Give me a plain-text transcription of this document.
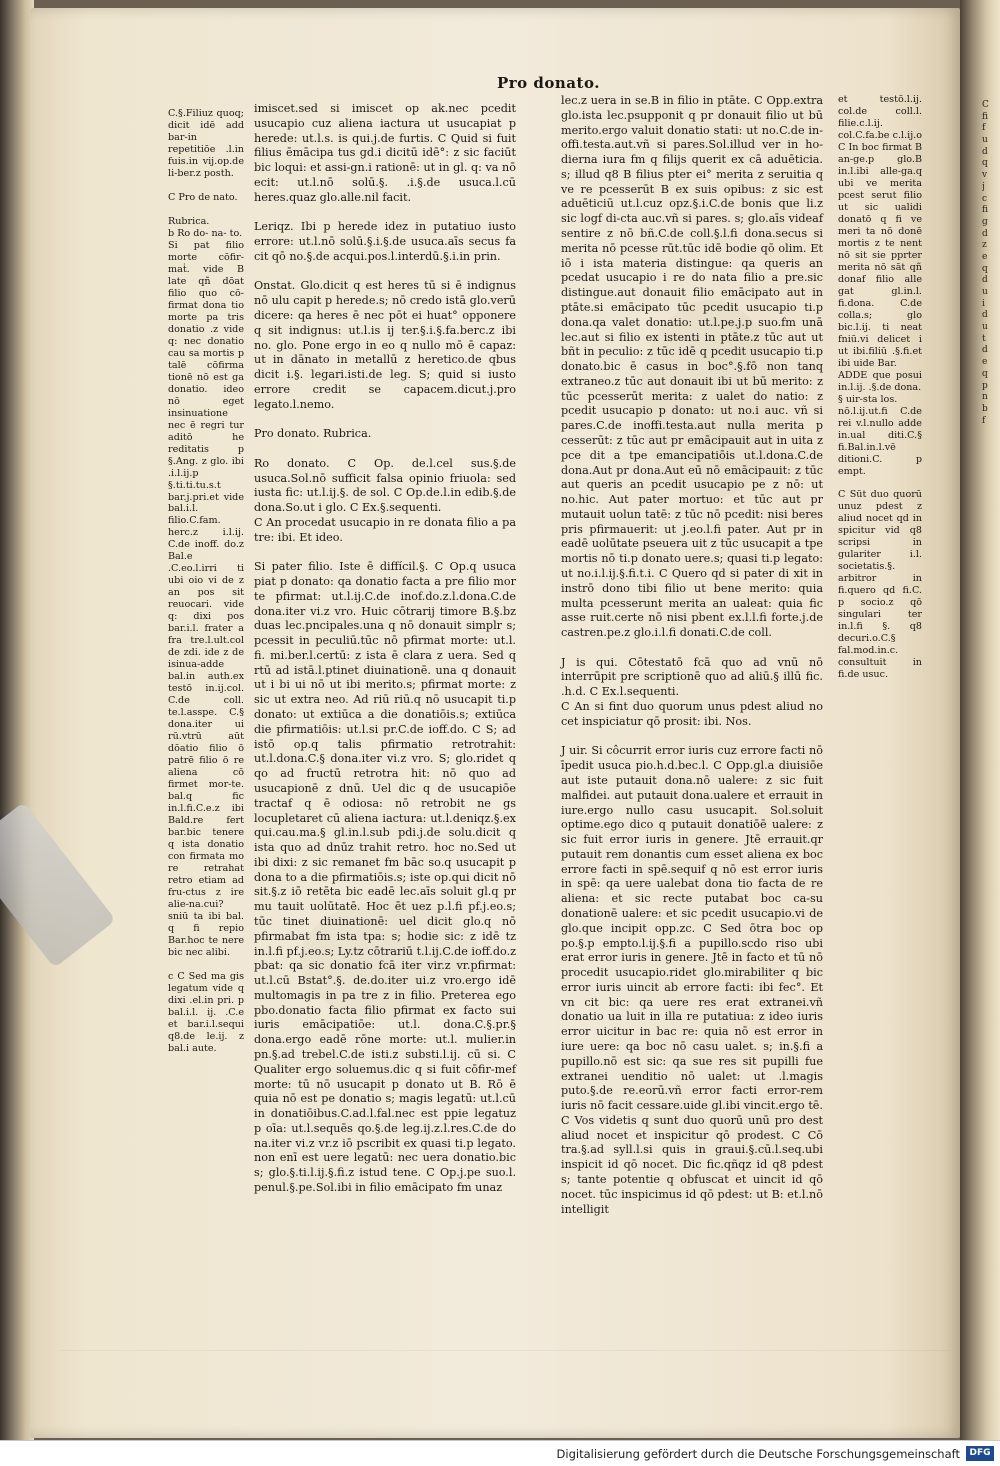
Pro donato.
C.§.Filiuz quoq; dicit idē add bar-in repetitiōe .l.in fuis.in vij.op.de li-ber.z posth.

C Pro de nato.

Rubrica.
b Ro do- na- to.
Si pat filio morte cōfir-maṫ. vide B late qñ dōat filio quo cō-firmat dona tio morte pa tris donatio .z vide q: nec donatio cau sa mortis p talē cōfirma tionē nō est ga donatio. ideo nō eget insinuatione nec ē regri tur aditō he reditatis p §.Ang. z glo. ibi .i.l.ij.p §.ti.ti.tu.s.t bar.j.pri.et vide bal.i.l. filio.C.fam. herc.z i.l.ij. C.de inoff. do.z Bal.e .C.eo.l.irri ti ubi oio vi de z an pos sit reuocari. vide q: dixi pos bar.i.l. frater a fra tre.l.ult.col de zdi. ide z de isinua-adde bal.in auth.ex testō in.ij.col. C.de coll. te.l.asspe. C.§ dona.iter ui rū.vtrū aūt dōatio filio ō patrē filio ō re aliena cō firmet mor-te. bal.q fic in.l.fi.C.e.z ibi Bald.re fert bar.bic tenere q ista donatio con firmata mo re retrahat retro etiam ad fru-ctus z ire alie-na.cui? sniū ta ibi bal. q fi repio Bar.hoc te nere bic nec alibi.

c C Sed ma gis legatum vide q dixi .el.in pri. p bal.i.l. ij. .C.e et bar.i.l.sequi q8.de le.ij. z bal.i aute.
imiscet.sed si imiscet op ak.nec pcedit usucapio cuz aliena iactura ut usucapiat p herede: ut.l.s. is qui.j.de furtis. C Quid si fuit filius ēmācipa tus gd.i dicitū idē°: z sic faciūt bic loqui: et assi-gn.i rationē: ut in gl. q: va nō ecit: ut.l.nō solū.§. .i.§.de usuca.l.cū heres.quaz glo.alle.nil facit.

Leriqz. Ibi p herede idez in putatiuo iusto errore: ut.l.nō solū.§.i.§.de usuca.aīs secus fa cit qō no.§.de acqui.pos.l.interdū.§.i.in prin.

Onstat. Glo.dicit q est heres tū si ē indignus nō ulu capit p herede.s; nō credo istā glo.verū dicere: qa heres ē nec pōt ei huat° opponere q sit indignus: ut.l.is ij ter.§.i.§.fa.berc.z ibi no. glo. Pone ergo in eo q nullo mō ē capaz: ut in dānato in metallū z heretico.de qbus dicit i.§. legari.isti.de leg. S; quid si iusto errore credit se capacem.dicut.j.pro legato.l.nemo.

Pro donato. Rubrica.

Ro donato. C Op. de.l.cel sus.§.de usuca.Sol.nō sufficit falsa opinio friuola: sed iusta fic: ut.l.ij.§. de sol. C Op.de.l.in edib.§.de dona.So.ut i glo. C Ex.§.sequenti.
C An procedat usucapio in re donata filio a pa tre: ibi. Et ideo.

Si pater filio. Iste ē diffícil.§. C Op.q usuca piat p donato: qa donatio facta a pre filio mor te pfirmat: ut.l.ij.C.de inof.do.z.l.dona.C.de dona.iter vi.z vro. Huic cōtrarij timore B.§.bz duas lec.pncipales.una q nō donauit simplr s; pcessit in peculiū.tūc nō pfirmat morte: ut.l. fi. mi.ber.l.certū: z ista ē clara z uera. Sed q rtū ad istā.l.ptinet diuinationē. una q donauit ut i bi ui nō ut ibi merito.s; pfirmat morte: z sic ut extra neo. Ad riū riū.q nō usucapit ti.p donato: ut extiūca a die donatiōis.s; extiūca die pfirmatiōis: ut.l.si pr.C.de ioff.do. C S; ad istō op.q talis pfirmatio retrotrahit: ut.l.dona.C.§ dona.iter vi.z vro. S; glo.ridet q qo ad fructū retrotra hit: nō quo ad usucapionē z dnū. Uel dic q de usucapiōe tractaf q ē odiosa: nō retrobit ne gs locupletaret cū aliena iactura: ut.l.deniqz.§.ex qui.cau.ma.§ gl.in.l.sub pdi.j.de solu.dicit q ista quo ad dnūz trahit retro. hoc no.Sed ut ibi dixi: z sic remanet fm bāc so.q usucapit p dona to a die pfirmatiōis.s; iste op.qui dicit nō sit.§.z iō retēta bic eadē lec.aīs soluit gl.q pr mu tauit uolūtatē. Hoc ēt uez p.l.fi pf.j.eo.s; tūc tinet diuinationē: uel dicit glo.q nō pfirmabat fm ista tpa: s; hodie sic: z idē tz in.l.fi pf.j.eo.s; Ly.tz cōtrariū t.l.ij.C.de ioff.do.z pbat: qa sic donatio fcā iter vir.z vr.pfirmat: ut.l.cū Bstat°.§. de.do.iter ui.z vro.ergo idē multomagis in pa tre z in filio. Preterea ego pbo.donatio facta filio pfirmat ex facto sui iuris emācipatiōe: ut.l. dona.C.§.pr.§ dona.ergo eadē rōne morte: ut.l. mulier.in pn.§.ad trebel.C.de isti.z substi.l.ij. cū si. C Qualiter ergo soluemus.dic q si fuit cōfir-mef morte: tū nō usucapit p donato ut B. Rō ē quia nō est pe donatio s; magis legatū: ut.l.cū in donatiōibus.C.ad.l.fal.nec est ppie legatuz p oīa: ut.l.sequēs qo.§.de leg.ij.z.l.res.C.de do na.iter vi.z vr.z iō pscribit ex quasi ti.p legato. non enī est uere legatū: nec uera donatio.bic s; glo.§.ti.l.ij.§.fi.z istud tene. C Op.j.pe suo.l. penul.§.pe.Sol.ibi in filio emācipato fm unaz
lec.z uera in se.B in filio in ptāte. C Opp.extra glo.ista lec.psupponit q pr donauit filio ut bū merito.ergo valuit donatio stati: ut no.C.de in-offi.testa.aut.vñ si pares.Sol.illud ver in ho-dierna iura fm q filijs querit ex cā aduēticia. s; illud q8 B filius pter ei° merita z seruitia q ve re pcesserūt B ex suis opibus: z sic est aduēticiū ut.l.cuz opz.§.i.C.de bonis que li.z sic logf di-cta auc.vñ si pares. s; glo.aīs videaf sentire z nō bñ.C.de coll.§.l.fi dona.secus si merita nō pcesse rūt.tūc idē bodie qō olim. Et iō i ista materia distingue: qa queris an pcedat usucapio i re do nata filio a pre.sic distingue.aut donauit filio emācipato aut in ptāte.si emācipato tūc pcedit usucapio ti.p dona.qa valet donatio: ut.l.pe.j.p suo.fm unā lec.aut si filio ex istenti in ptāte.z tūc aut ut bñt in peculio: z tūc idē q pcedit usucapio ti.p donato.bic ē casus in boc°.§.fō non tanq extraneo.z tūc aut donauit ibi ut bū merito: z tūc pcesserūt merita: z ualet do natio: z pcedit usucapio p donato: ut no.i auc. vñ si pares.C.de inoffi.testa.aut nulla merita p cesserūt: z tūc aut pr emācipauit aut in uita z pce dit a tpe emancipatiōis ut.l.dona.C.de dona.Aut pr dona.Aut eū nō emācipauit: z tūc aut queris an pcedit usucapio pe z nō: ut no.hic. Aut pater mortuo: et tūc aut pr mutauit uolun tatē: z tūc nō pcedit: nisi beres pris pfirmauerit: ut j.eo.l.fi pater. Aut pr in eadē uolūtate pseuera uit z tūc usucapit a tpe mortis nō ti.p donato uere.s; quasi ti.p legato: ut no.i.l.ij.§.fi.t.i. C Quero qd si pater di xit in instrō dono tibi filio ut bene merito: quia multa pcesserunt merita an ualeat: quia fic asse ruit.certe nō nisi pbent ex.l.l.fi forte.j.de castren.pe.z glo.i.l.fi donati.C.de coll.

J is qui. Cōtestatō fcā quo ad vnū nō interrūpit pre scriptionē quo ad aliū.§ illū fic. .h.d. C Ex.l.sequenti.
C An si fint duo quorum unus pdest aliud no cet inspiciatur qō prosit: ibi. Nos.

J uir. Si côcurrit error iuris cuz errore facti nō īpedit usuca pio.h.d.bec.l. C Opp.gl.a diuisiōe aut iste putauit dona.nō ualere: z sic fuit malfidei. aut putauit dona.ualere et errauit in iure.ergo nullo casu usucapit. Sol.soluit optime.ego dico q putauit donatiōē ualere: z sic fuit error iuris in genere. Jtē errauit.qr putauit rem donantis cum esset aliena ex boc errore facti in spē.sequif q nō est error iuris in spē: qa uere ualebat dona tio facta de re aliena: et sic recte putabat boc ca-su donationē ualere: et sic pcedit usucapio.vi de glo.que incipit opp.zc. C Sed ōtra boc op po.§.p empto.l.ij.§.fi a pupillo.scdo riso ubi erat error iuris in genere. Jtē in facto et tū nō procedit usucapio.ridet glo.mirabiliter q bic error iuris uincit ab errore facti: ibi fec°. Et vn cit bic: qa uere res erat extranei.vñ donatio ua luit in illa re putatiua: z ideo iuris error uicitur in bac re: quia nō est error in iure uere: qa boc nō casu ualet. s; in.§.fi a pupillo.nō est sic: qa sue res sit pupilli fue extranei uenditio nō ualet: ut .l.magis puto.§.de re.eorū.vñ error facti error-rem iuris nō facit cessare.uide gl.ibi vincit.ergo tē. C Vos videtis q sunt duo quorū unū pro dest aliud nocet et inspicitur qō prodest. C Cō tra.§.ad syll.l.si quis in graui.§.cū.l.seq.ubi inspicit id qō nocet. Dic fic.qñqz id q8 pdest s; tante potentie q obfuscat et uincit id qō nocet. tūc inspicimus id qō pdest: ut B: et.l.nō intelligit
et testō.l.ij. col.de coll.l. filie.c.l.ij. col.C.fa.be c.l.ij.o C In boc firmat B an-ge.p glo.B in.l.ibi alle-ga.q ubi ve merita pcest serut filio ut sic ualidi donatō q fi ve meri ta nō donē mortis z te nent nō sit sie pprter merita nō sāt qñ donaf filio alle gat gl.in.l. fi.dona. C.de colla.s; glo bic.l.ij. ti neat fniū.vi delicet i ut ibi.filiū .§.fi.et ibi uide Bar.
ADDE que posui in.l.ij. .§.de dona.
§ uir-sta los.
nō.l.ij.ut.fi C.de rei v.l.nullo adde in.ual diti.C.§ fi.Bal.in.l.vē ditioni.C. p empt.

C Sūt duo quorū unuz pdest z aliud nocet qd in spicitur vid q8 scripsi in gulariter i.l. societatis.§. arbitror in fi.quero qd fi.C. p socio.z qō singulari ter in.l.fi §. q8 decuri.o.C.§ fal.mod.in.c. consultuit in fi.de usuc.
C
fi
f
u
d
q
v
j
c
fi
g
d
z
e
q
d
u
i
d
u
t
d
e
q
p
n
b
f
Digitalisierung gefördert durch die Deutsche Forschungsgemeinschaft	DFG
